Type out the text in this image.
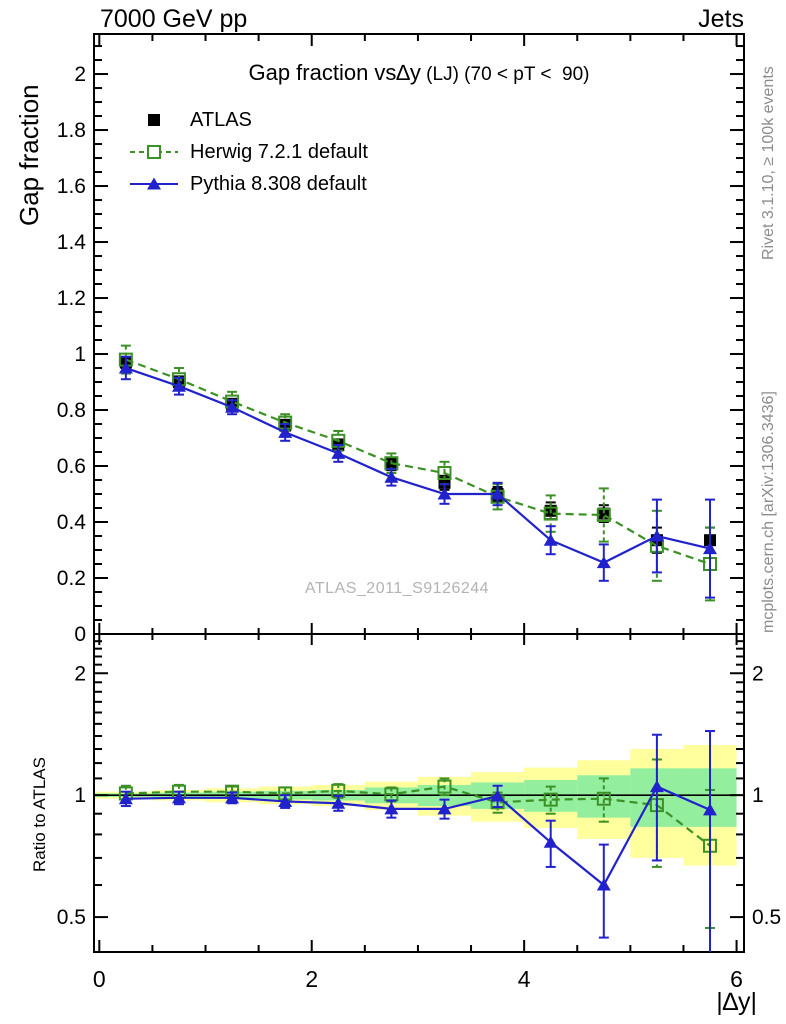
7000 GeV pp	Jets
0	2	4	6
0
0.2
0.4
0.6
0.8
1
1.2
1.4
1.6
1.8
2
0.5	0.5
1	1
2	2
Gap fraction vs∆y (LJ) (70 < pT <  90)
ATLAS
Herwig 7.2.1 default
Pythia 8.308 default
Gap fraction
Ratio to ATLAS
|∆y|
ATLAS_2011_S9126244
Rivet 3.1.10, ≥ 100k events
mcplots.cern.ch [arXiv:1306.3436]
